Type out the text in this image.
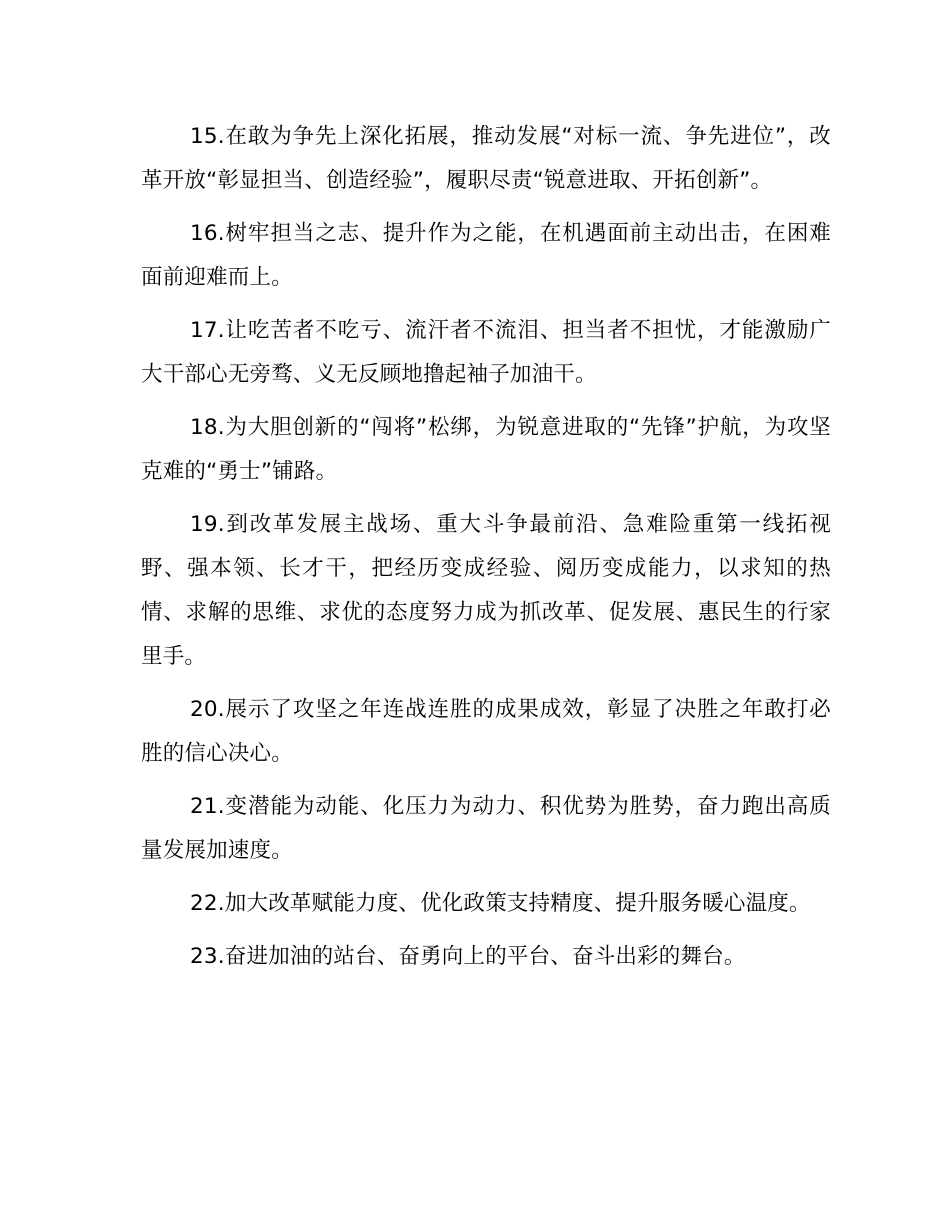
15.在敢为争先上深化拓展，推动发展“对标一流、争先进位”，改革开放“彰显担当、创造经验”，履职尽责“锐意进取、开拓创新”。

16.树牢担当之志、提升作为之能，在机遇面前主动出击，在困难面前迎难而上。

17.让吃苦者不吃亏、流汗者不流泪、担当者不担忧，才能激励广大干部心无旁骛、义无反顾地撸起袖子加油干。

18.为大胆创新的“闯将”松绑，为锐意进取的“先锋”护航，为攻坚克难的“勇士”铺路。

19.到改革发展主战场、重大斗争最前沿、急难险重第一线拓视野、强本领、长才干，把经历变成经验、阅历变成能力，以求知的热情、求解的思维、求优的态度努力成为抓改革、促发展、惠民生的行家里手。

20.展示了攻坚之年连战连胜的成果成效，彰显了决胜之年敢打必胜的信心决心。

21.变潜能为动能、化压力为动力、积优势为胜势，奋力跑出高质量发展加速度。

22.加大改革赋能力度、优化政策支持精度、提升服务暖心温度。

23.奋进加油的站台、奋勇向上的平台、奋斗出彩的舞台。
